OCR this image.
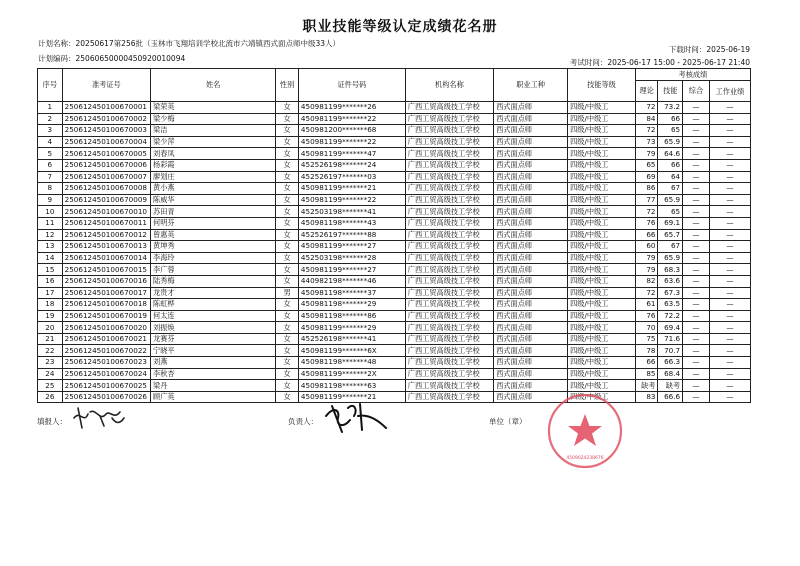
职业技能等级认定成绩花名册
计划名称：20250617第256批（玉林市飞翔培训学校北流市六靖镇西式面点师中级33人）
下载时间：2025-06-19
计划编码：25060650000450920010094	考试时间：2025-06-17 15:00 - 2025-06-17 21:40
序号	准考证号	姓名	性别	证件号码	机构名称	职业工种	技能等级	考核成绩			
								理论	技能	综合	工作业绩
1	250612450100670001	梁荣英	女	450981199*******26	广西工贸高级技工学校	西式面点师	四级/中级工	72	73.2	—	—
2	250612450100670002	梁少梅	女	450981199*******22	广西工贸高级技工学校	西式面点师	四级/中级工	84	66	—	—
3	250612450100670003	梁洁	女	450981200*******68	广西工贸高级技工学校	西式面点师	四级/中级工	72	65	—	—
4	250612450100670004	梁少萍	女	450981199*******22	广西工贸高级技工学校	西式面点师	四级/中级工	73	65.9	—	—
5	250612450100670005	刘春凤	女	450981199*******47	广西工贸高级技工学校	西式面点师	四级/中级工	79	64.6	—	—
6	250612450100670006	杨彩霞	女	452526198*******24	广西工贸高级技工学校	西式面点师	四级/中级工	65	66	—	—
7	250612450100670007	廖划庄	女	452526197*******03	广西工贸高级技工学校	西式面点师	四级/中级工	69	64	—	—
8	250612450100670008	黄小燕	女	450981199*******21	广西工贸高级技工学校	西式面点师	四级/中级工	86	67	—	—
9	250612450100670009	陈威华	女	450981199*******22	广西工贸高级技工学校	西式面点师	四级/中级工	77	65.9	—	—
10	250612450100670010	苏田青	女	452503198*******41	广西工贸高级技工学校	西式面点师	四级/中级工	72	65	—	—
11	250612450100670011	何明芬	女	450981198*******43	广西工贸高级技工学校	西式面点师	四级/中级工	76	69.1	—	—
12	250612450100670012	曾惠英	女	452526197*******88	广西工贸高级技工学校	西式面点师	四级/中级工	66	65.7	—	—
13	250612450100670013	黄坤秀	女	450981199*******27	广西工贸高级技工学校	西式面点师	四级/中级工	60	67	—	—
14	250612450100670014	李海玲	女	452503198*******28	广西工贸高级技工学校	西式面点师	四级/中级工	79	65.9	—	—
15	250612450100670015	李广蓉	女	450981199*******27	广西工贸高级技工学校	西式面点师	四级/中级工	79	68.3	—	—
16	250612450100670016	陆秀梅	女	440982198*******46	广西工贸高级技工学校	西式面点师	四级/中级工	82	63.6	—	—
17	250612450100670017	龙贵才	男	450981198*******37	广西工贸高级技工学校	西式面点师	四级/中级工	72	67.3	—	—
18	250612450100670018	陈虹桦	女	450981198*******29	广西工贸高级技工学校	西式面点师	四级/中级工	61	63.5	—	—
19	250612450100670019	何太连	女	450981198*******86	广西工贸高级技工学校	西式面点师	四级/中级工	76	72.2	—	—
20	250612450100670020	刘振焕	女	450981199*******29	广西工贸高级技工学校	西式面点师	四级/中级工	70	69.4	—	—
21	250612450100670021	龙赛芬	女	452526198*******41	广西工贸高级技工学校	西式面点师	四级/中级工	75	71.6	—	—
22	250612450100670022	宁晓平	女	450981199*******6X	广西工贸高级技工学校	西式面点师	四级/中级工	78	70.7	—	—
23	250612450100670023	刘燕	女	450981198*******48	广西工贸高级技工学校	西式面点师	四级/中级工	66	66.3	—	—
24	250612450100670024	李秋杏	女	450981199*******2X	广西工贸高级技工学校	西式面点师	四级/中级工	85	68.4	—	—
25	250612450100670025	梁丹	女	450981198*******63	广西工贸高级技工学校	西式面点师	四级/中级工	缺考	缺考	—	—
26	250612450100670026	顾广英	女	450981199*******21	广西工贸高级技工学校	西式面点师	四级/中级工	83	66.6	—	—
填报人：	负责人：	单位（章）
4509024238676
